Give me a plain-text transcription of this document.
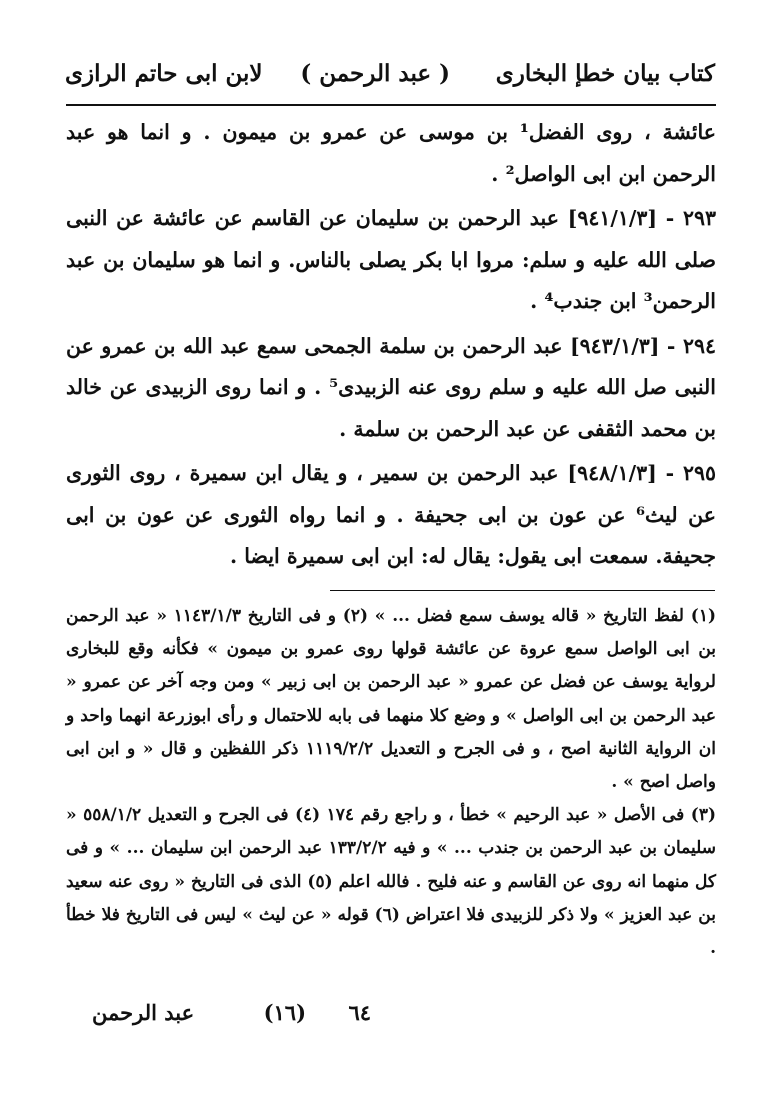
كتاب بيان خطإ البخارى
( عبد الرحمن )
لابن ابى حاتم الرازى

عائشة ، روى الفضل¹ بن موسى عن عمرو بن ميمون . و انما هو عبد الرحمن ابن ابى الواصل² .

٢٩٣ - [٩٤١/١/٣] عبد الرحمن بن سليمان عن القاسم عن عائشة عن النبى صلى الله عليه و سلم: مروا ابا بكر يصلى بالناس. و انما هو سليمان بن عبد الرحمن³ ابن جندب⁴ .

٢٩٤ - [٩٤٣/١/٣] عبد الرحمن بن سلمة الجمحى سمع عبد الله بن عمرو عن النبى صل الله عليه و سلم روى عنه الزبيدى⁵ . و انما روى الزبيدى عن خالد بن محمد الثقفى عن عبد الرحمن بن سلمة .

٢٩٥ - [٩٤٨/١/٣] عبد الرحمن بن سمير ، و يقال ابن سميرة ، روى الثورى عن ليث⁶ عن عون بن ابى جحيفة . و انما رواه الثورى عن عون بن ابى جحيفة. سمعت ابى يقول: يقال له: ابن ابى سميرة ايضا .

(١) لفظ التاريخ « قاله يوسف سمع فضل ... » (٢) و فى التاريخ ١١٤٣/١/٣ « عبد الرحمن بن ابى الواصل سمع عروة عن عائشة قولها روى عمرو بن ميمون » فكأنه وقع للبخارى لرواية يوسف عن فضل عن عمرو « عبد الرحمن بن ابى زبير » ومن وجه آخر عن عمرو « عبد الرحمن بن ابى الواصل » و وضع كلا منهما فى بابه للاحتمال و رأى ابوزرعة انهما واحد و ان الرواية الثانية اصح ، و فى الجرح و التعديل ١١١٩/٢/٢ ذكر اللفظين و قال « و ابن ابى واصل اصح » .

(٣) فى الأصل « عبد الرحيم » خطأ ، و راجع رقم ١٧٤ (٤) فى الجرح و التعديل ٥٥٨/١/٢ « سليمان بن عبد الرحمن بن جندب ... » و فيه ١٣٣/٢/٢ عبد الرحمن ابن سليمان ... » و فى كل منهما انه روى عن القاسم و عنه فليح . فالله اعلم (٥) الذى فى التاريخ « روى عنه سعيد بن عبد العزيز » ولا ذكر للزبيدى فلا اعتراض (٦) قوله « عن ليث » ليس فى التاريخ فلا خطأ .

٦٤
(١٦)
عبد الرحمن
